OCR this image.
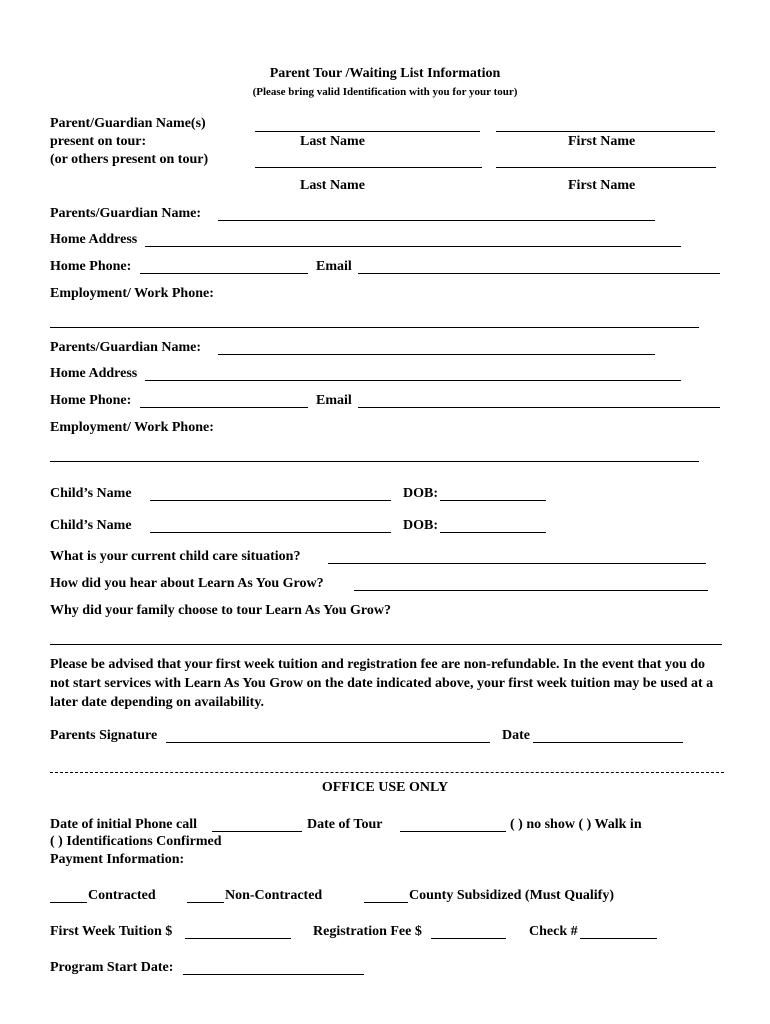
Parent Tour /Waiting List Information
(Please bring valid Identification with you for your tour)
Parent/Guardian Name(s)
present on tour:
(or others present on tour)
Last Name	First Name
Last Name	First Name
Parents/Guardian Name:
Home Address
Home Phone:	Email
Employment/ Work Phone:
Parents/Guardian Name:
Home Address
Home Phone:	Email
Employment/ Work Phone:
Child’s Name	DOB:
Child’s Name	DOB:
What is your current child care situation?
How did you hear about Learn As You Grow?
Why did your family choose to tour Learn As You Grow?
Please be advised that your first week tuition and registration fee are non-refundable. In the event that you do not start services with Learn As You Grow on the date indicated above, your first week tuition may be used at a later date depending on availability.
Parents Signature	Date
OFFICE USE ONLY
Date of initial Phone call	Date of Tour	( ) no show ( ) Walk in
( ) Identifications Confirmed
Payment Information:
Contracted	Non-Contracted	County Subsidized (Must Qualify)
First Week Tuition $	Registration Fee $	Check #
Program Start Date:
